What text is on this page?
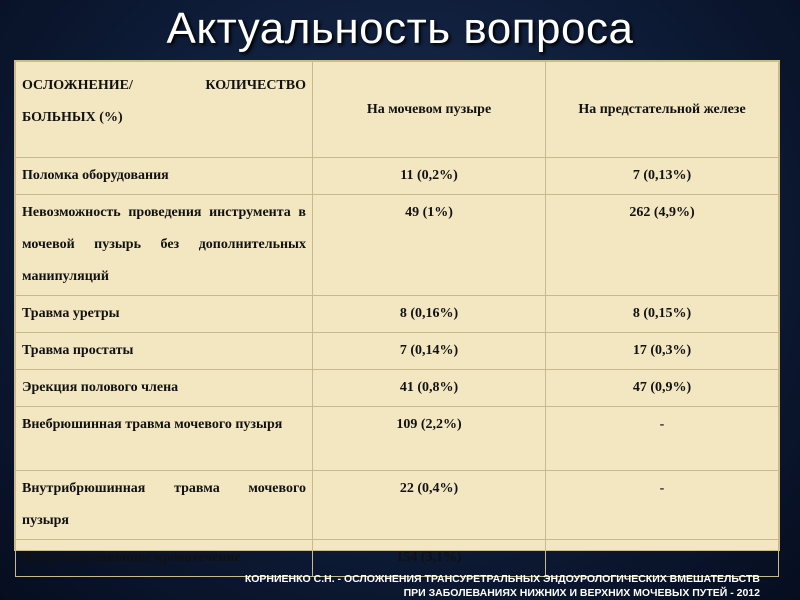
Актуальность вопроса
ОСЛОЖНЕНИЕ/ КОЛИЧЕСТВО БОЛЬНЫХ (%)	На мочевом пузыре	На предстательной железе
Поломка оборудования	11 (0,2%)	7 (0,13%)
Невозможность проведения инструмента в мочевой пузырь без дополнительных манипуляций	49 (1%)	262 (4,9%)
Травма уретры	8 (0,16%)	8 (0,15%)
Травма простаты	7 (0,14%)	17 (0,3%)
Эрекция полового члена	41 (0,8%)	47 (0,9%)
Внебрюшинная травма мочевого пузыря	109 (2,2%)	-
Внутрибрюшинная травма мочевого пузыря	22 (0,4%)	-
Интраоперационное кровотечение	154 (3,1%)	-
КОРНИЕНКО С.Н. - ОСЛОЖНЕНИЯ ТРАНСУРЕТРАЛЬНЫХ ЭНДОУРОЛОГИЧЕСКИХ ВМЕШАТЕЛЬСТВ
ПРИ ЗАБОЛЕВАНИЯХ НИЖНИХ И ВЕРХНИХ МОЧЕВЫХ ПУТЕЙ - 2012
